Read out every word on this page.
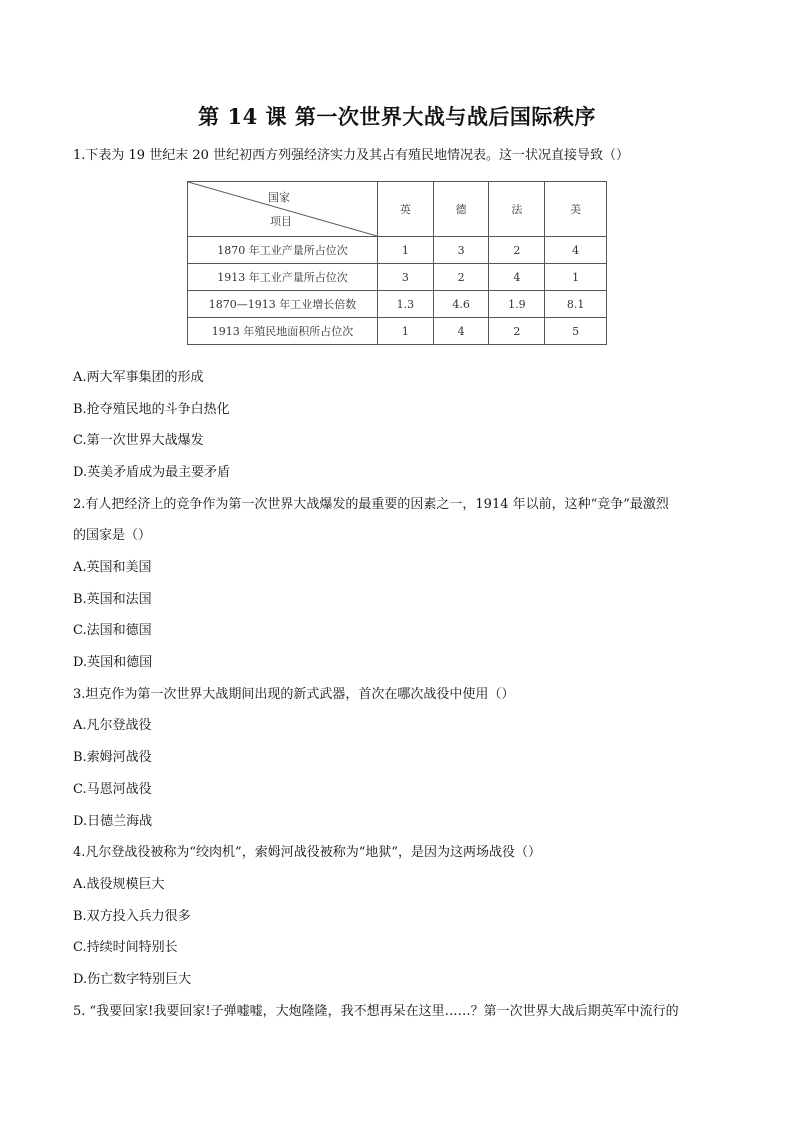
第 14 课 第一次世界大战与战后国际秩序
1.下表为 19 世纪末 20 世纪初西方列强经济实力及其占有殖民地情况表。这一状况直接导致（）
国家
项目	英	德	法	美
1870 年工业产量所占位次	1	3	2	4
1913 年工业产量所占位次	3	2	4	1
1870—1913 年工业增长倍数	1.3	4.6	1.9	8.1
1913 年殖民地面积所占位次	1	4	2	5
A.两大军事集团的形成
B.抢夺殖民地的斗争白热化
C.第一次世界大战爆发
D.英美矛盾成为最主要矛盾
2.有人把经济上的竞争作为第一次世界大战爆发的最重要的因素之一，1914 年以前，这种“竞争”最激烈
的国家是（）
A.英国和美国
B.英国和法国
C.法国和德国
D.英国和德国
3.坦克作为第一次世界大战期间出现的新式武器，首次在哪次战役中使用（）
A.凡尔登战役
B.索姆河战役
C.马恩河战役
D.日德兰海战
4.凡尔登战役被称为“绞肉机”，索姆河战役被称为“地狱”，是因为这两场战役（）
A.战役规模巨大
B.双方投入兵力很多
C.持续时间特别长
D.伤亡数字特别巨大
5. “我要回家!我要回家!子弹嘘嘘，大炮隆隆，我不想再呆在这里……？第一次世界大战后期英军中流行的
